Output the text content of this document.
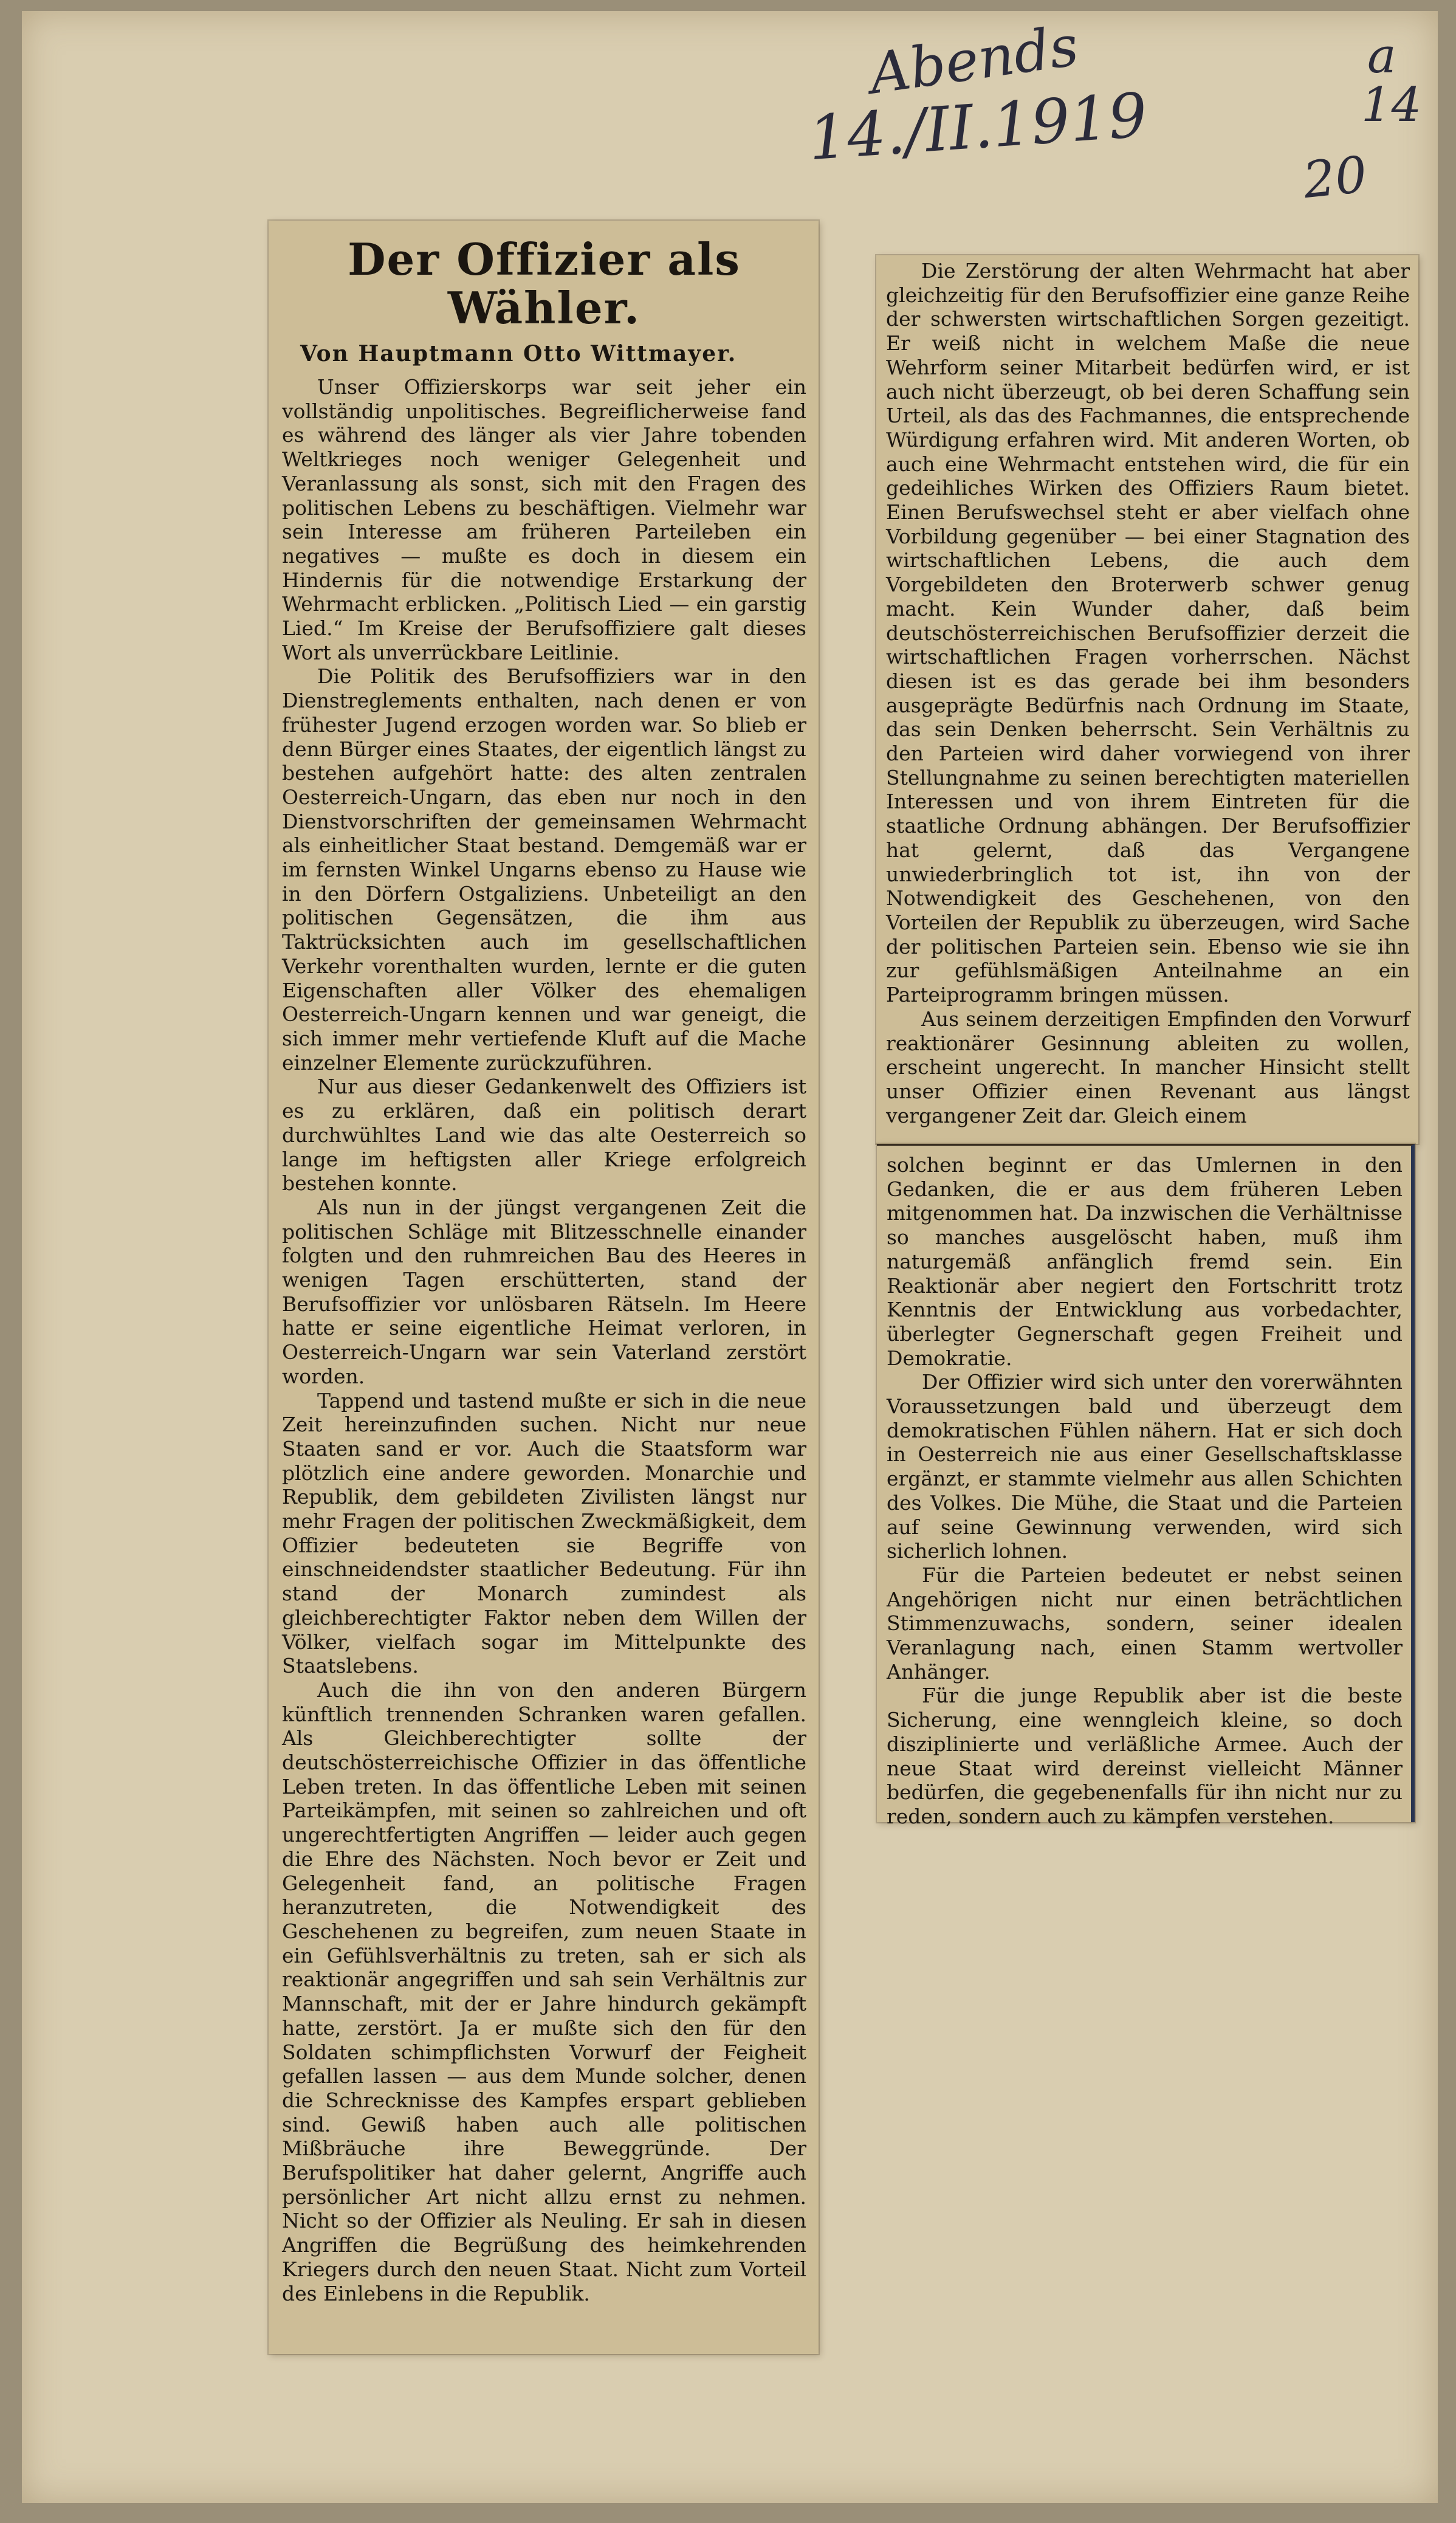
Abends
14./II.1919
a
14
20
Der Offizier als Wähler.
Von Hauptmann Otto Wittmayer.

Unser Offizierskorps war seit jeher ein vollständig unpolitisches. Begreiflicherweise fand es während des länger als vier Jahre tobenden Weltkrieges noch weniger Gelegenheit und Veranlassung als sonst, sich mit den Fragen des politischen Lebens zu beschäftigen. Vielmehr war sein Interesse am früheren Parteileben ein negatives — mußte es doch in diesem ein Hindernis für die notwendige Erstarkung der Wehrmacht erblicken. „Politisch Lied — ein garstig Lied.“ Im Kreise der Berufsoffiziere galt dieses Wort als unverrückbare Leitlinie.

Die Politik des Berufsoffiziers war in den Dienstreglements enthalten, nach denen er von frühester Jugend erzogen worden war. So blieb er denn Bürger eines Staates, der eigentlich längst zu bestehen aufgehört hatte: des alten zentralen Oesterreich-Ungarn, das eben nur noch in den Dienstvorschriften der gemeinsamen Wehrmacht als einheitlicher Staat bestand. Demgemäß war er im fernsten Winkel Ungarns ebenso zu Hause wie in den Dörfern Ostgaliziens. Unbeteiligt an den politischen Gegensätzen, die ihm aus Taktrücksichten auch im gesellschaftlichen Verkehr vorenthalten wurden, lernte er die guten Eigenschaften aller Völker des ehemaligen Oesterreich-Ungarn kennen und war geneigt, die sich immer mehr vertiefende Kluft auf die Mache einzelner Elemente zurückzuführen.

Nur aus dieser Gedankenwelt des Offiziers ist es zu erklären, daß ein politisch derart durchwühltes Land wie das alte Oesterreich so lange im heftigsten aller Kriege erfolgreich bestehen konnte.

Als nun in der jüngst vergangenen Zeit die politischen Schläge mit Blitzesschnelle einander folgten und den ruhmreichen Bau des Heeres in wenigen Tagen erschütterten, stand der Berufsoffizier vor unlösbaren Rätseln. Im Heere hatte er seine eigentliche Heimat verloren, in Oesterreich-Ungarn war sein Vaterland zerstört worden.

Tappend und tastend mußte er sich in die neue Zeit hereinzufinden suchen. Nicht nur neue Staaten sand er vor. Auch die Staatsform war plötzlich eine andere geworden. Monarchie und Republik, dem gebildeten Zivilisten längst nur mehr Fragen der politischen Zweckmäßigkeit, dem Offizier bedeuteten sie Begriffe von einschneidendster staatlicher Bedeutung. Für ihn stand der Monarch zumindest als gleichberechtigter Faktor neben dem Willen der Völker, vielfach sogar im Mittelpunkte des Staatslebens.

Auch die ihn von den anderen Bürgern künftlich trennenden Schranken waren gefallen. Als Gleichberechtigter sollte der deutschösterreichische Offizier in das öffentliche Leben treten. In das öffentliche Leben mit seinen Parteikämpfen, mit seinen so zahlreichen und oft ungerechtfertigten Angriffen — leider auch gegen die Ehre des Nächsten. Noch bevor er Zeit und Gelegenheit fand, an politische Fragen heranzutreten, die Notwendigkeit des Geschehenen zu begreifen, zum neuen Staate in ein Gefühlsverhältnis zu treten, sah er sich als reaktionär angegriffen und sah sein Verhältnis zur Mannschaft, mit der er Jahre hindurch gekämpft hatte, zerstört. Ja er mußte sich den für den Soldaten schimpflichsten Vorwurf der Feigheit gefallen lassen — aus dem Munde solcher, denen die Schrecknisse des Kampfes erspart geblieben sind. Gewiß haben auch alle politischen Mißbräuche ihre Beweggründe. Der Berufspolitiker hat daher gelernt, Angriffe auch persönlicher Art nicht allzu ernst zu nehmen. Nicht so der Offizier als Neuling. Er sah in diesen Angriffen die Begrüßung des heimkehrenden Kriegers durch den neuen Staat. Nicht zum Vorteil des Einlebens in die Republik.

Die Zerstörung der alten Wehrmacht hat aber gleichzeitig für den Berufsoffizier eine ganze Reihe der schwersten wirtschaftlichen Sorgen gezeitigt. Er weiß nicht in welchem Maße die neue Wehrform seiner Mitarbeit bedürfen wird, er ist auch nicht überzeugt, ob bei deren Schaffung sein Urteil, als das des Fachmannes, die entsprechende Würdigung erfahren wird. Mit anderen Worten, ob auch eine Wehrmacht entstehen wird, die für ein gedeihliches Wirken des Offiziers Raum bietet. Einen Berufswechsel steht er aber vielfach ohne Vorbildung gegenüber — bei einer Stagnation des wirtschaftlichen Lebens, die auch dem Vorgebildeten den Broterwerb schwer genug macht. Kein Wunder daher, daß beim deutschösterreichischen Berufsoffizier derzeit die wirtschaftlichen Fragen vorherrschen. Nächst diesen ist es das gerade bei ihm besonders ausgeprägte Bedürfnis nach Ordnung im Staate, das sein Denken beherrscht. Sein Verhältnis zu den Parteien wird daher vorwiegend von ihrer Stellungnahme zu seinen berechtigten materiellen Interessen und von ihrem Eintreten für die staatliche Ordnung abhängen. Der Berufsoffizier hat gelernt, daß das Vergangene unwiederbringlich tot ist, ihn von der Notwendigkeit des Geschehenen, von den Vorteilen der Republik zu überzeugen, wird Sache der politischen Parteien sein. Ebenso wie sie ihn zur gefühlsmäßigen Anteilnahme an ein Parteiprogramm bringen müssen.

Aus seinem derzeitigen Empfinden den Vorwurf reaktionärer Gesinnung ableiten zu wollen, erscheint ungerecht. In mancher Hinsicht stellt unser Offizier einen Revenant aus längst vergangener Zeit dar. Gleich einem

solchen beginnt er das Umlernen in den Gedanken, die er aus dem früheren Leben mitgenommen hat. Da inzwischen die Verhältnisse so manches ausgelöscht haben, muß ihm naturgemäß anfänglich fremd sein. Ein Reaktionär aber negiert den Fortschritt trotz Kenntnis der Entwicklung aus vorbedachter, überlegter Gegnerschaft gegen Freiheit und Demokratie.

Der Offizier wird sich unter den vorerwähnten Voraussetzungen bald und überzeugt dem demokratischen Fühlen nähern. Hat er sich doch in Oesterreich nie aus einer Gesellschaftsklasse ergänzt, er stammte vielmehr aus allen Schichten des Volkes. Die Mühe, die Staat und die Parteien auf seine Gewinnung verwenden, wird sich sicherlich lohnen.

Für die Parteien bedeutet er nebst seinen Angehörigen nicht nur einen beträchtlichen Stimmenzuwachs, sondern, seiner idealen Veranlagung nach, einen Stamm wertvoller Anhänger.

Für die junge Republik aber ist die beste Sicherung, eine wenngleich kleine, so doch disziplinierte und verläßliche Armee. Auch der neue Staat wird dereinst vielleicht Männer bedürfen, die gegebenenfalls für ihn nicht nur zu reden, sondern auch zu kämpfen verstehen.
